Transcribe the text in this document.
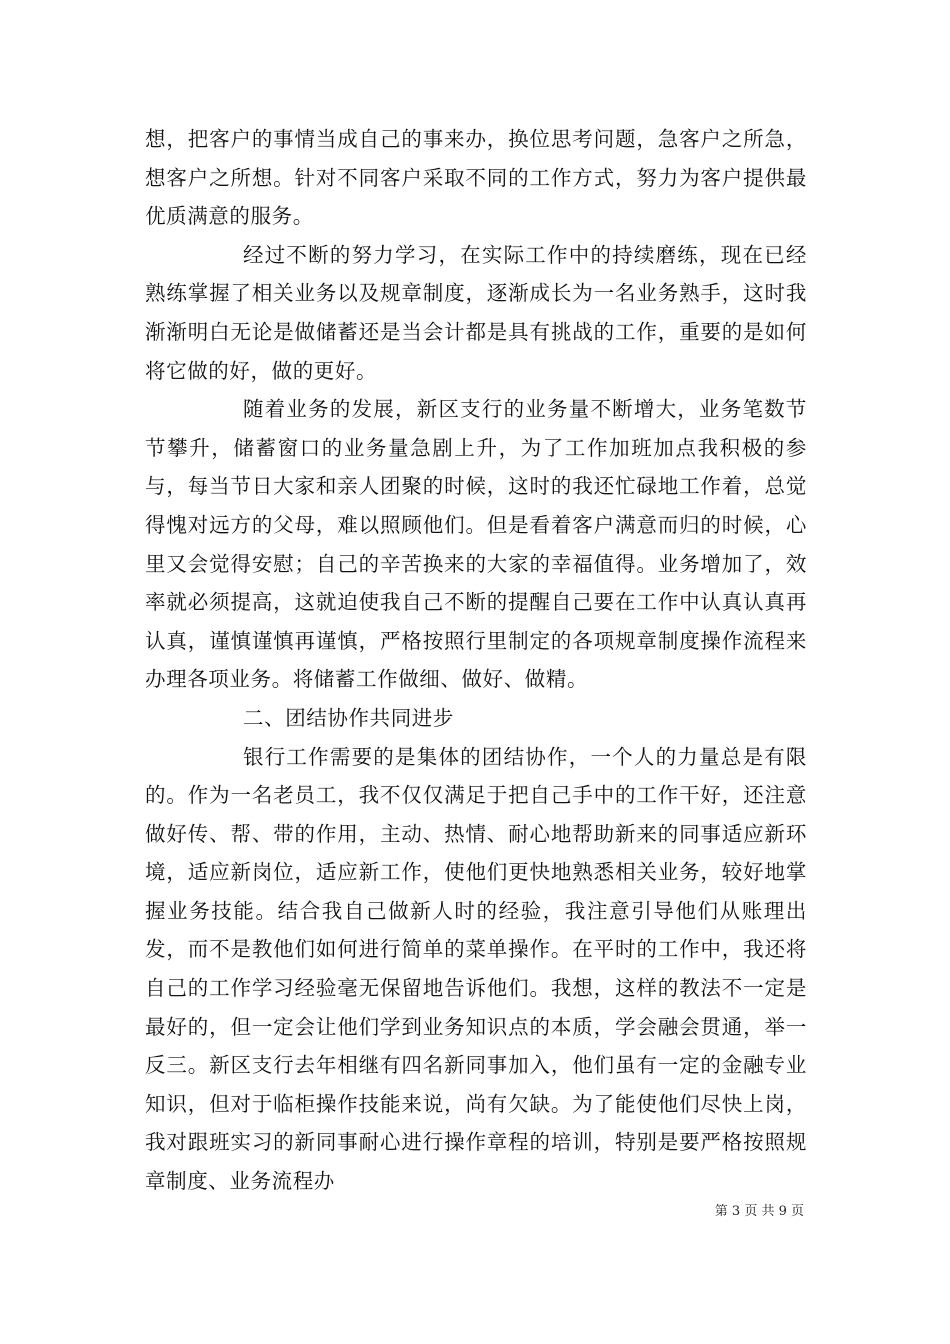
想，把客户的事情当成自己的事来办，换位思考问题，急客户之所急，想客户之所想。针对不同客户采取不同的工作方式，努力为客户提供最优质满意的服务。

经过不断的努力学习，在实际工作中的持续磨练，现在已经熟练掌握了相关业务以及规章制度，逐渐成长为一名业务熟手，这时我渐渐明白无论是做储蓄还是当会计都是具有挑战的工作，重要的是如何将它做的好，做的更好。

随着业务的发展，新区支行的业务量不断增大，业务笔数节节攀升，储蓄窗口的业务量急剧上升，为了工作加班加点我积极的参与，每当节日大家和亲人团聚的时候，这时的我还忙碌地工作着，总觉得愧对远方的父母，难以照顾他们。但是看着客户满意而归的时候，心里又会觉得安慰；自己的辛苦换来的大家的幸福值得。业务增加了，效率就必须提高，这就迫使我自己不断的提醒自己要在工作中认真认真再认真，谨慎谨慎再谨慎，严格按照行里制定的各项规章制度操作流程来办理各项业务。将储蓄工作做细、做好、做精。

二、团结协作共同进步

银行工作需要的是集体的团结协作，一个人的力量总是有限的。作为一名老员工，我不仅仅满足于把自己手中的工作干好，还注意做好传、帮、带的作用，主动、热情、耐心地帮助新来的同事适应新环境，适应新岗位，适应新工作，使他们更快地熟悉相关业务，较好地掌握业务技能。结合我自己做新人时的经验，我注意引导他们从账理出发，而不是教他们如何进行简单的菜单操作。在平时的工作中，我还将自己的工作学习经验毫无保留地告诉他们。我想，这样的教法不一定是最好的，但一定会让他们学到业务知识点的本质，学会融会贯通，举一反三。新区支行去年相继有四名新同事加入，他们虽有一定的金融专业知识，但对于临柜操作技能来说，尚有欠缺。为了能使他们尽快上岗，我对跟班实习的新同事耐心进行操作章程的培训，特别是要严格按照规章制度、业务流程办

第 3 页 共 9 页
